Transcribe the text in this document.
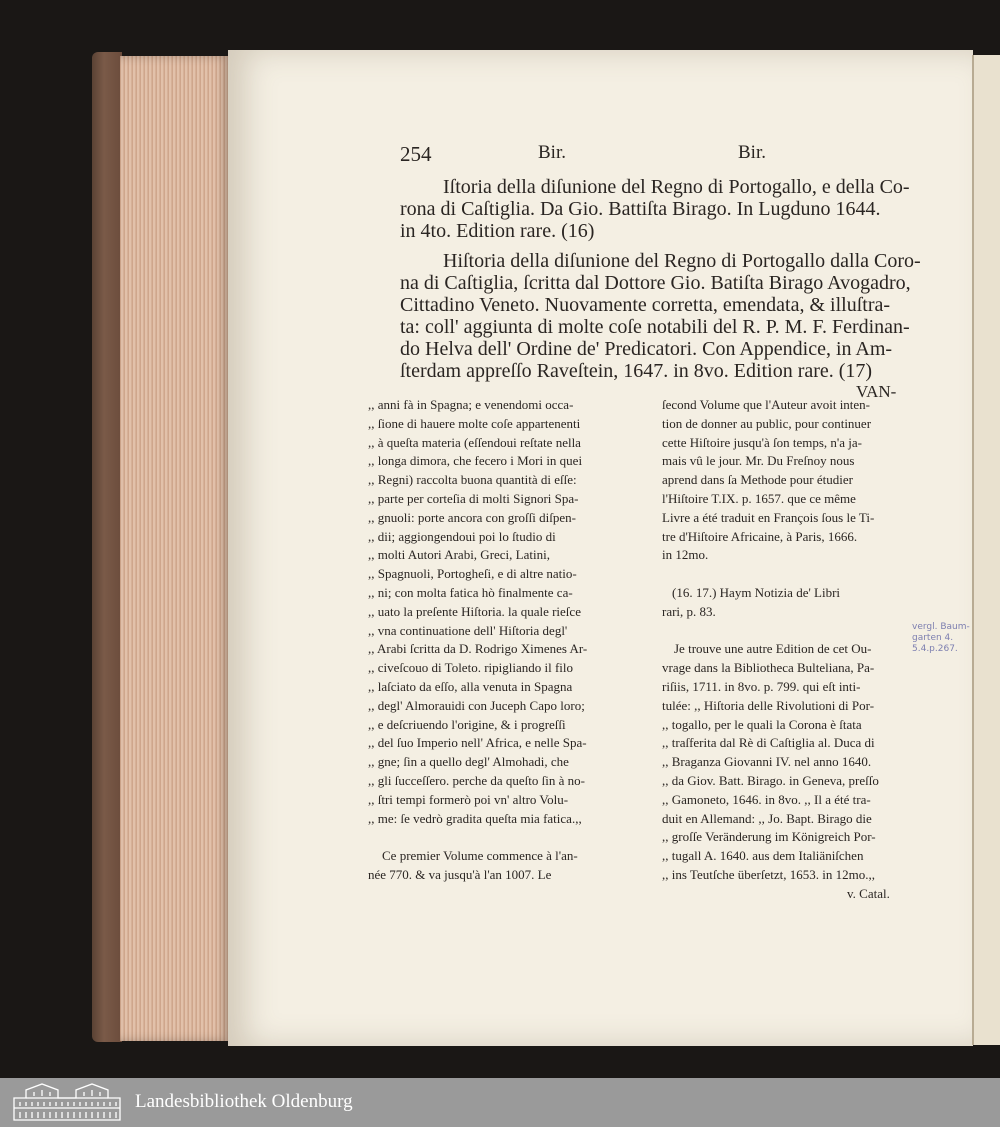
254	Bir.	Bir.
Iſtoria della diſunione del Regno di Portogallo, e della Co-
rona di Caſtiglia. Da Gio. Battiſta Birago. In Lugduno 1644.
in 4to. Edition rare. (16)
Hiſtoria della diſunione del Regno di Portogallo dalla Coro-
na di Caſtiglia, ſcritta dal Dottore Gio. Batiſta Birago Avogadro,
Cittadino Veneto. Nuovamente corretta, emendata, & illuſtra-
ta: coll' aggiunta di molte coſe notabili del R. P. M. F. Ferdinan-
do Helva dell' Ordine de' Predicatori. Con Appendice, in Am-
ſterdam appreſſo Raveſtein, 1647. in 8vo. Edition rare. (17)
VAN-
,, anni fà in Spagna; e venendomi occa-
,, ſione di hauere molte coſe appartenenti
,, à queſta materia (eſſendoui reſtate nella
,, longa dimora, che fecero i Mori in quei
,, Regni) raccolta buona quantità di eſſe:
,, parte per corteſia di molti Signori Spa-
,, gnuoli: porte ancora con groſſi diſpen-
,, dii; aggiongendoui poi lo ſtudio di
,, molti Autori Arabi, Greci, Latini,
,, Spagnuoli, Portogheſi, e di altre natio-
,, ni; con molta fatica hò finalmente ca-
,, uato la preſente Hiſtoria. la quale rieſce
,, vna continuatione dell' Hiſtoria degl'
,, Arabi ſcritta da D. Rodrigo Ximenes Ar-
,, civeſcouo di Toleto. ripigliando il filo
,, laſciato da eſſo, alla venuta in Spagna
,, degl' Almorauidi con Juceph Capo loro;
,, e deſcriuendo l'origine, & i progreſſi
,, del ſuo Imperio nell' Africa, e nelle Spa-
,, gne; ſin a quello degl' Almohadi, che
,, gli ſucceſſero. perche da queſto ſin à no-
,, ſtri tempi formerò poi vn' altro Volu-
,, me: ſe vedrò gradita queſta mia fatica.,,
Ce premier Volume commence à l'an-
née 770. & va jusqu'à l'an 1007. Le
ſecond Volume que l'Auteur avoit inten-
tion de donner au public, pour continuer
cette Hiſtoire jusqu'à ſon temps, n'a ja-
mais vû le jour. Mr. Du Freſnoy nous
aprend dans ſa Methode pour étudier
l'Hiſtoire T.IX. p. 1657. que ce même
Livre a été traduit en François ſous le Ti-
tre d'Hiſtoire Africaine, à Paris, 1666.
in 12mo.
(16. 17.) Haym Notizia de' Libri
rari, p. 83.
Je trouve une autre Edition de cet Ou-
vrage dans la Bibliotheca Bulteliana, Pa-
riſiis, 1711. in 8vo. p. 799. qui eſt inti-
tulée: ,, Hiſtoria delle Rivolutioni di Por-
,, togallo, per le quali la Corona è ſtata
,, traſferita dal Rè di Caſtiglia al. Duca di
,, Braganza Giovanni IV. nel anno 1640.
,, da Giov. Batt. Birago. in Geneva, preſſo
,, Gamoneto, 1646. in 8vo. ,, Il a été tra-
duit en Allemand: ,, Jo. Bapt. Birago die
,, groſſe Veränderung im Königreich Por-
,, tugall A. 1640. aus dem Italiäniſchen
,, ins Teutſche überſetzt, 1653. in 12mo.,,
v. Catal.
vergl. Baum-
garten 4.
5.4.p.267.
Landesbibliothek Oldenburg
